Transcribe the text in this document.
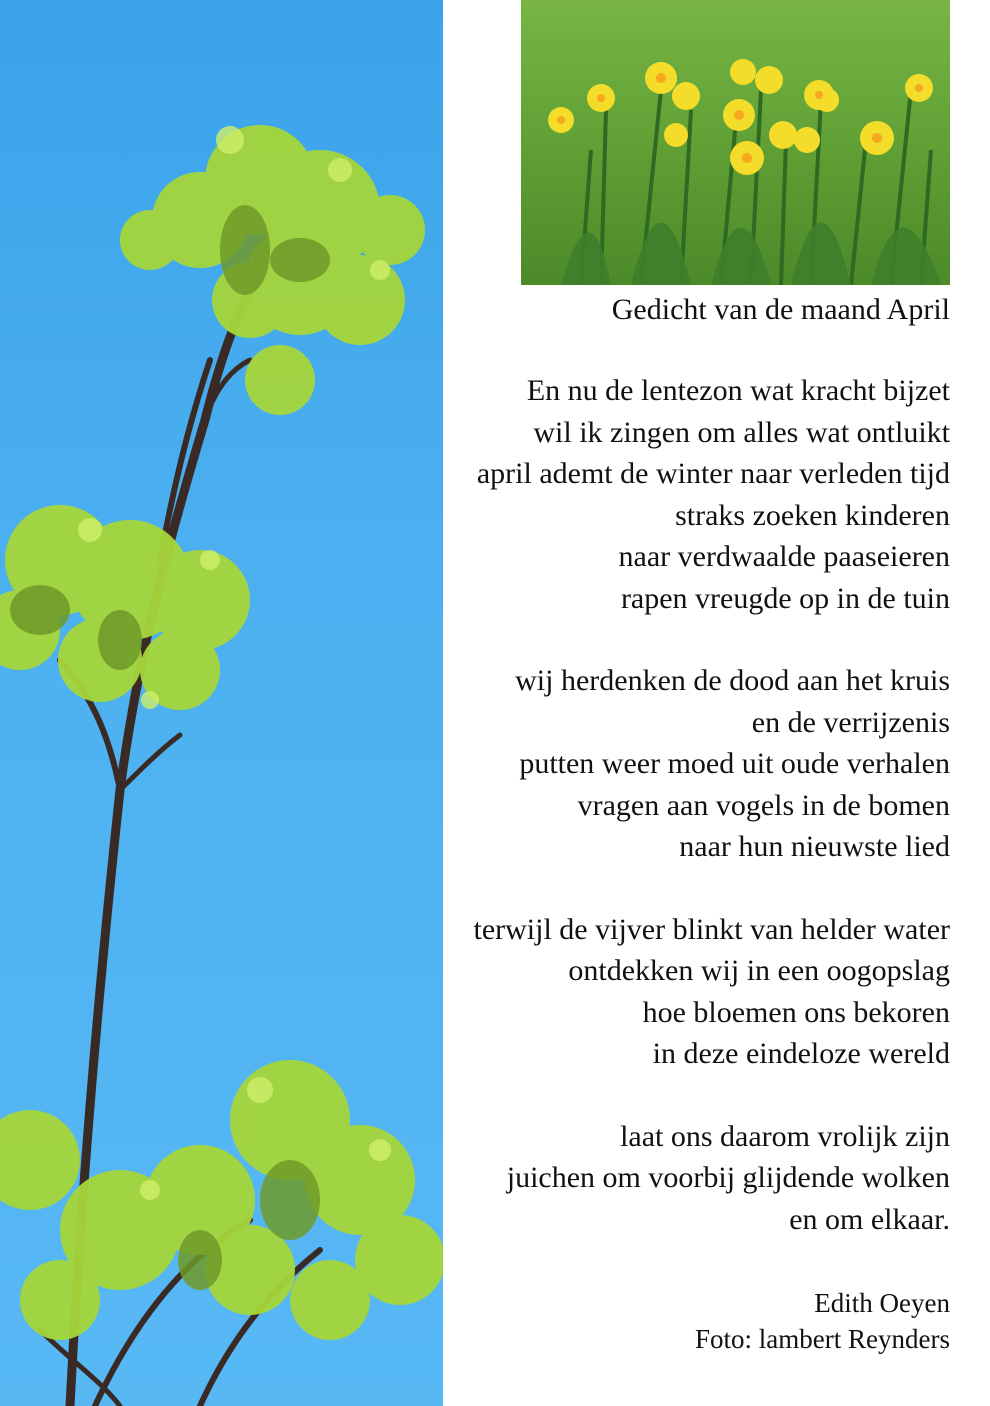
Gedicht van de maand April
En nu de lentezon wat kracht bijzet
wil ik zingen om alles wat ontluikt
april ademt de winter naar verleden tijd
straks zoeken kinderen
naar verdwaalde paaseieren
rapen vreugde op in de tuin
wij herdenken de dood aan het kruis
en de verrijzenis
putten weer moed uit oude verhalen
vragen aan vogels in de bomen
naar hun nieuwste lied
terwijl de vijver blinkt van helder water
ontdekken wij in een oogopslag
hoe bloemen ons bekoren
in deze eindeloze wereld
laat ons daarom vrolijk zijn
juichen om voorbij glijdende wolken
en om elkaar.
Edith Oeyen
Foto: lambert Reynders
